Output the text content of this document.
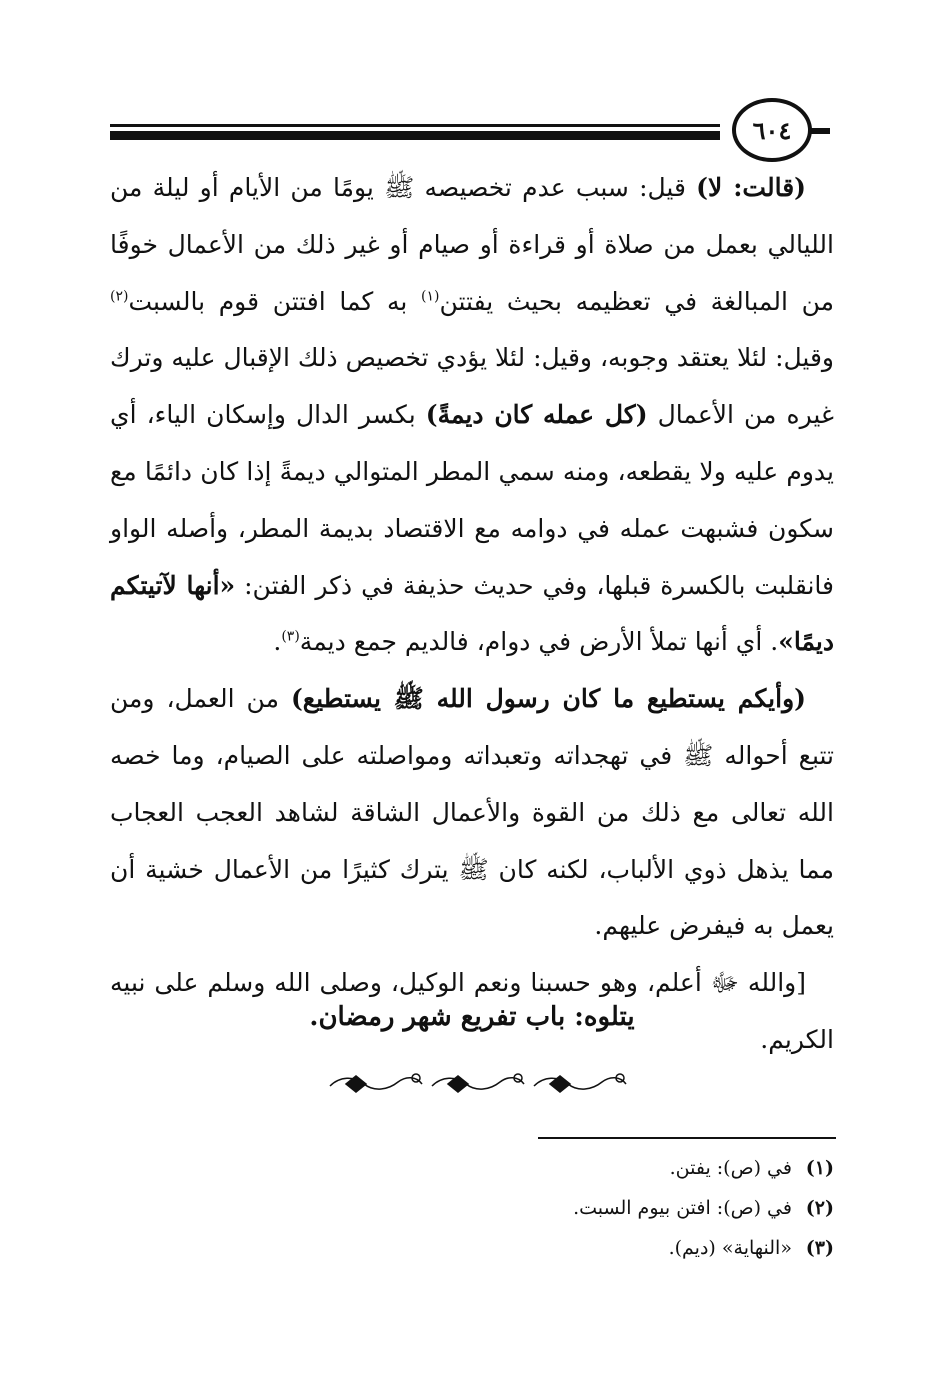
٦٠٤

(قالت: لا) قيل: سبب عدم تخصيصه ﷺ يومًا من الأيام أو ليلة من الليالي بعمل من صلاة أو قراءة أو صيام أو غير ذلك من الأعمال خوفًا من المبالغة في تعظيمه بحيث يفتتن$^{(١)}$ به كما افتتن قوم بالسبت$^{(٢)}$ وقيل: لئلا يعتقد وجوبه، وقيل: لئلا يؤدي تخصيص ذلك الإقبال عليه وترك غيره من الأعمال (كل عمله كان ديمةً) بكسر الدال وإسكان الياء، أي يدوم عليه ولا يقطعه، ومنه سمي المطر المتوالي ديمةً إذا كان دائمًا مع سكون فشبهت عمله في دوامه مع الاقتصاد بديمة المطر، وأصله الواو فانقلبت بالكسرة قبلها، وفي حديث حذيفة في ذكر الفتن: «أنها لآتيتكم ديمًا». أي أنها تملأ الأرض في دوام، فالديم جمع ديمة$^{(٣)}$.

(وأيكم يستطيع ما كان رسول الله ﷺ يستطيع) من العمل، ومن تتبع أحواله ﷺ في تهجداته وتعبداته ومواصلته على الصيام، وما خصه الله تعالى مع ذلك من القوة والأعمال الشاقة لشاهد العجب العجاب مما يذهل ذوي الألباب، لكنه كان ﷺ يترك كثيرًا من الأعمال خشية أن يعمل به فيفرض عليهم.

[والله ﷻ أعلم، وهو حسبنا ونعم الوكيل، وصلى الله وسلم على نبيه الكريم.

يتلوه: باب تفريع شهر رمضان.

(١) في (ص): يفتن.

(٢) في (ص): افتن بيوم السبت.

(٣) «النهاية» (ديم).
